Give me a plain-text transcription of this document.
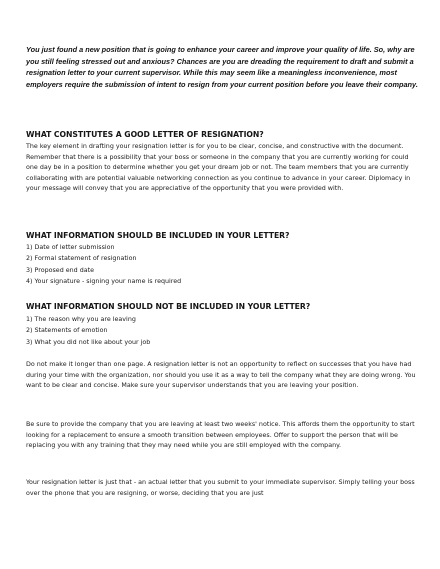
You just found a new position that is going to enhance your career and improve your quality of life. So, why are you still feeling stressed out and anxious? Chances are you are dreading the requirement to draft and submit a resignation letter to your current supervisor. While this may seem like a meaningless inconvenience, most employers require the submission of intent to resign from your current position before you leave their company.

WHAT CONSTITUTES A GOOD LETTER OF RESIGNATION?

The key element in drafting your resignation letter is for you to be clear, concise, and constructive with the document. Remember that there is a possibility that your boss or someone in the company that you are currently working for could one day be in a position to determine whether you get your dream job or not. The team members that you are currently collaborating with are potential valuable networking connection as you continue to advance in your career. Diplomacy in your message will convey that you are appreciative of the opportunity that you were provided with.

WHAT INFORMATION SHOULD BE INCLUDED IN YOUR LETTER?
1) Date of letter submission
2) Formal statement of resignation
3) Proposed end date
4) Your signature - signing your name is required
WHAT INFORMATION SHOULD NOT BE INCLUDED IN YOUR LETTER?
1) The reason why you are leaving
2) Statements of emotion
3) What you did not like about your job

Do not make it longer than one page. A resignation letter is not an opportunity to reflect on successes that you have had during your time with the organization, nor should you use it as a way to tell the company what they are doing wrong. You want to be clear and concise. Make sure your supervisor understands that you are leaving your position.

Be sure to provide the company that you are leaving at least two weeks' notice. This affords them the opportunity to start looking for a replacement to ensure a smooth transition between employees. Offer to support the person that will be replacing you with any training that they may need while you are still employed with the company.

Your resignation letter is just that - an actual letter that you submit to your immediate supervisor. Simply telling your boss over the phone that you are resigning, or worse, deciding that you are just
